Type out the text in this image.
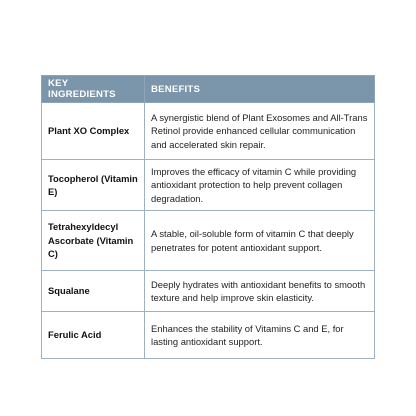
KEY INGREDIENTS	BENEFITS
Plant XO Complex	A synergistic blend of Plant Exosomes and All-Trans Retinol provide enhanced cellular communication and accelerated skin repair.
Tocopherol (Vitamin E)	Improves the efficacy of vitamin C while providing antioxidant protection to help prevent collagen degradation.
Tetrahexyldecyl Ascorbate (Vitamin C)	A stable, oil-soluble form of vitamin C that deeply penetrates for potent antioxidant support.
Squalane	Deeply hydrates with antioxidant benefits to smooth texture and help improve skin elasticity.
Ferulic Acid	Enhances the stability of Vitamins C and E, for lasting antioxidant support.
